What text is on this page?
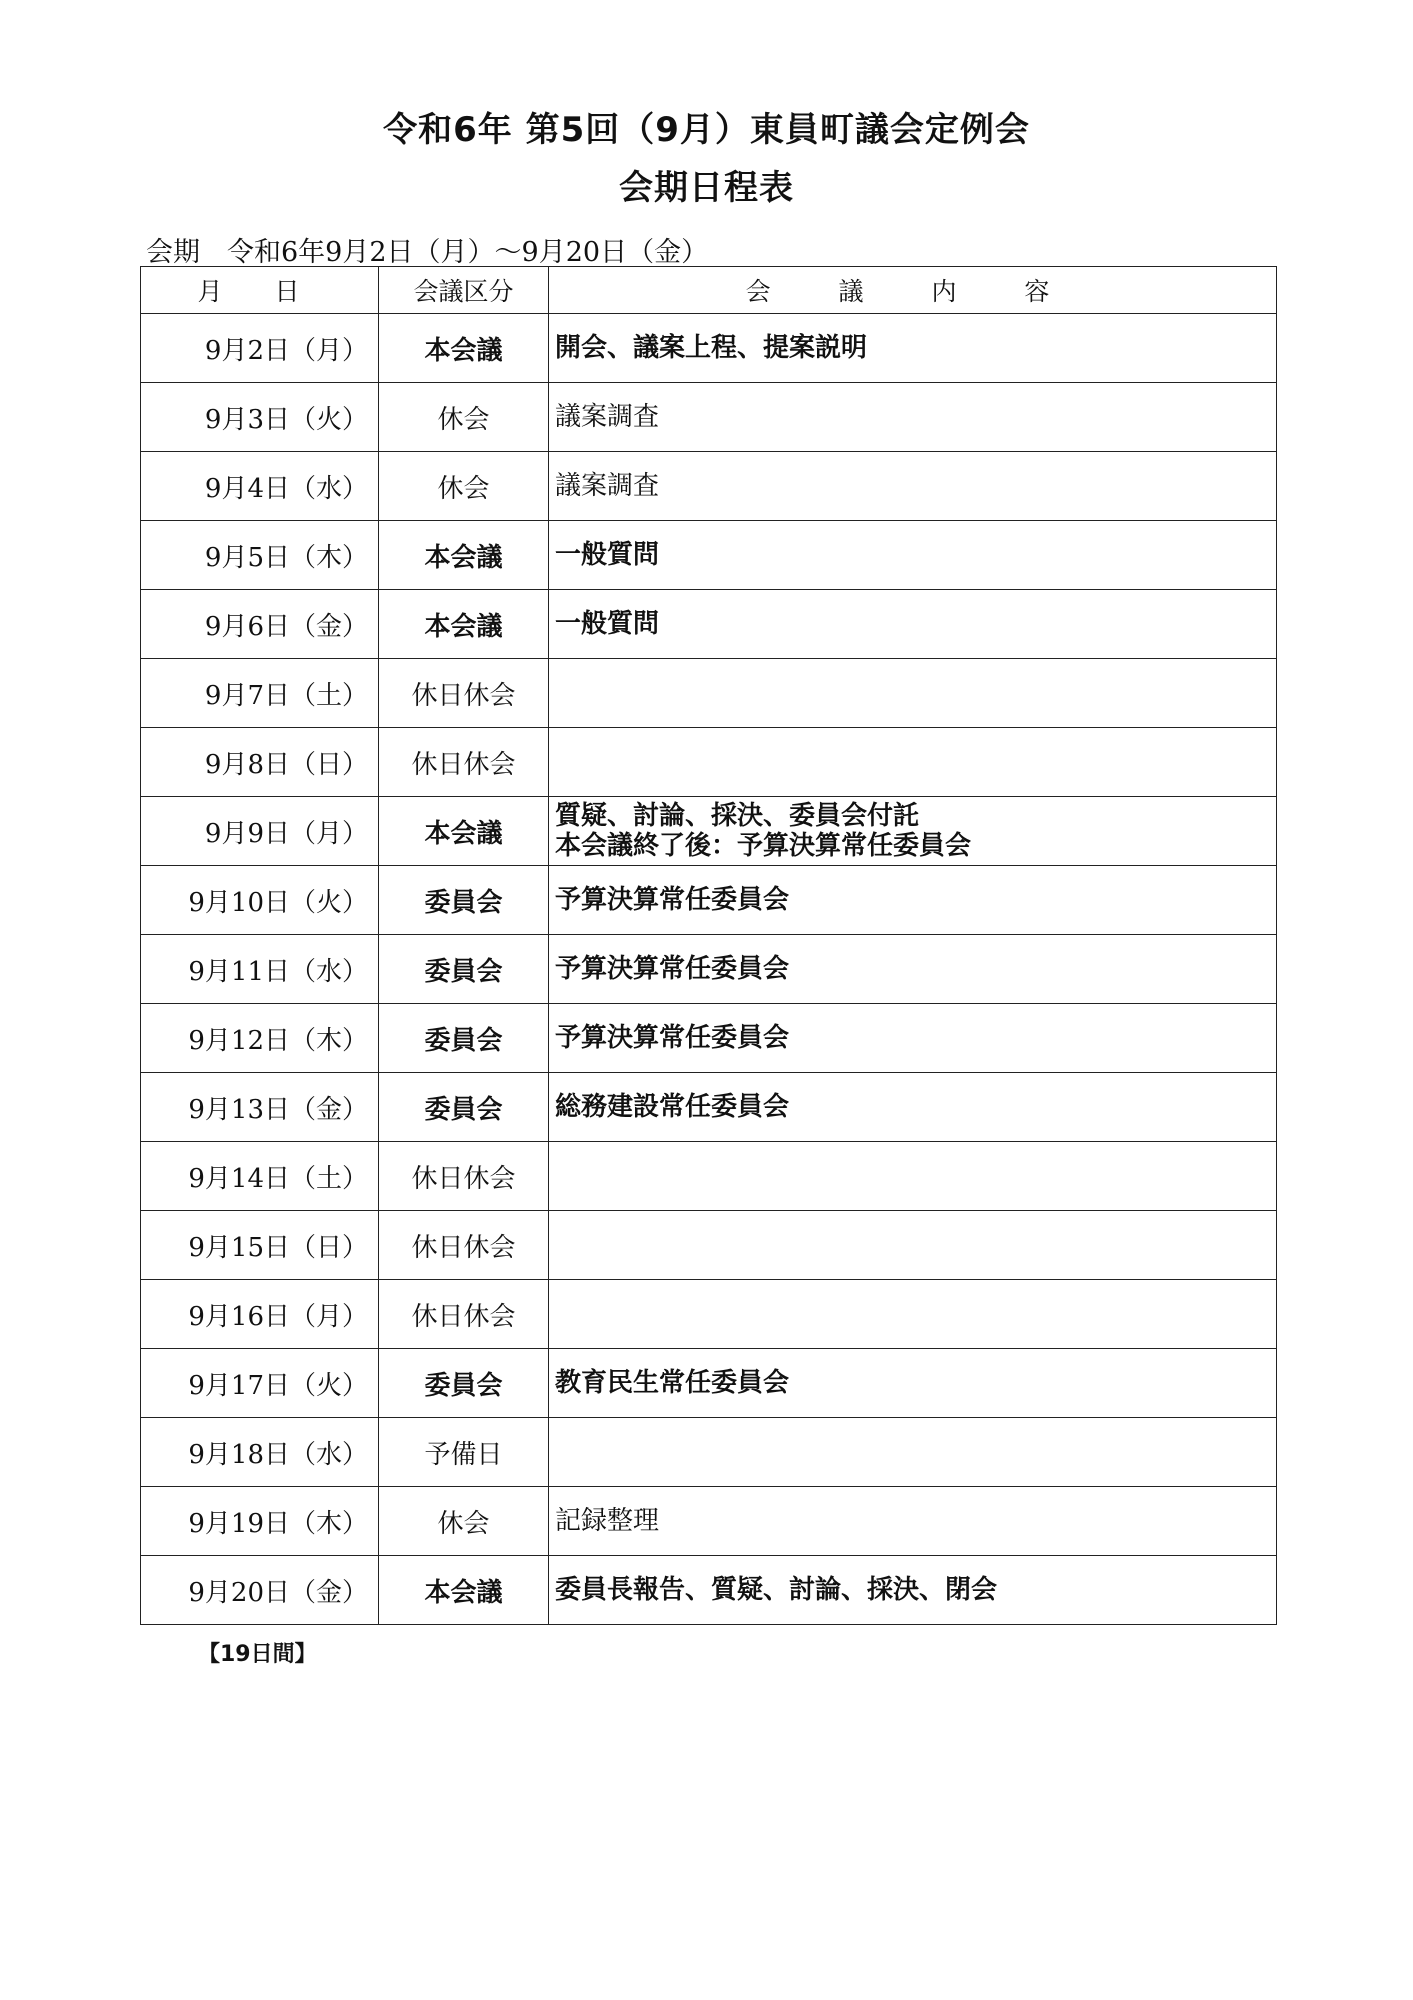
令和6年 第5回（9月）東員町議会定例会
会期日程表
会期　令和6年9月2日（月）～9月20日（金）
月 日	会議区分	会 議 内 容
9月2日（月）	本会議	開会、議案上程、提案説明
9月3日（火）	休会	議案調査
9月4日（水）	休会	議案調査
9月5日（木）	本会議	一般質問
9月6日（金）	本会議	一般質問
9月7日（土）	休日休会	
9月8日（日）	休日休会	
9月9日（月）	本会議	質疑、討論、採決、委員会付託
本会議終了後：予算決算常任委員会
9月10日（火）	委員会	予算決算常任委員会
9月11日（水）	委員会	予算決算常任委員会
9月12日（木）	委員会	予算決算常任委員会
9月13日（金）	委員会	総務建設常任委員会
9月14日（土）	休日休会	
9月15日（日）	休日休会	
9月16日（月）	休日休会	
9月17日（火）	委員会	教育民生常任委員会
9月18日（水）	予備日	
9月19日（木）	休会	記録整理
9月20日（金）	本会議	委員長報告、質疑、討論、採決、閉会
【19日間】
